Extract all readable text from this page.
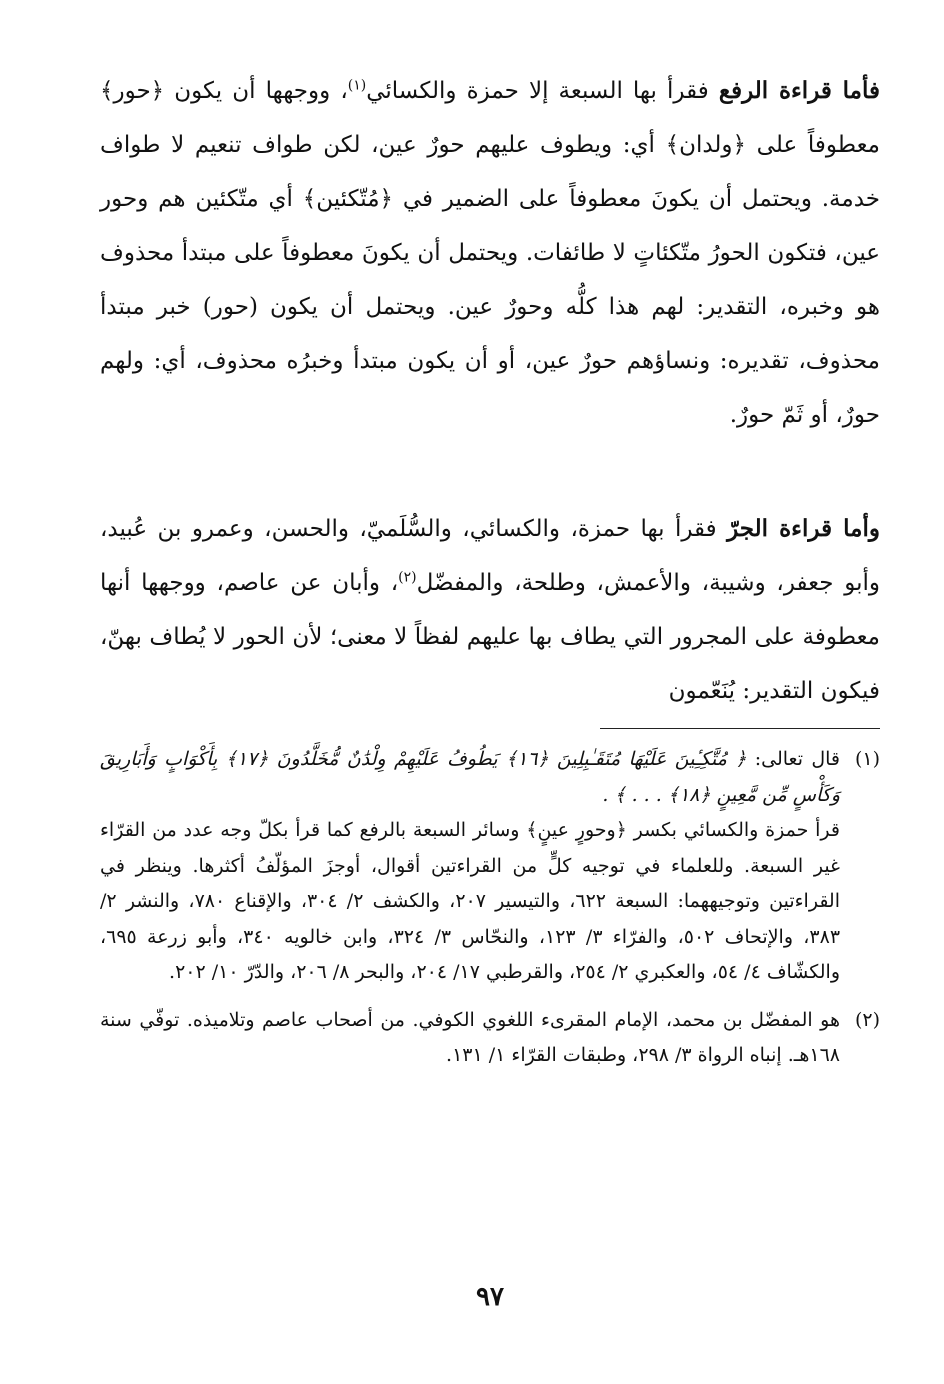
فأما قراءة الرفع فقرأ بها السبعة إلا حمزة والكسائي$^{(١)}$، ووجهها أن يكون ﴿حور﴾ معطوفاً على ﴿ولدان﴾ أي: ويطوف عليهم حورٌ عين، لكن طواف تنعيم لا طواف خدمة. ويحتمل أن يكونَ معطوفاً على الضمير في ﴿مُتّكئين﴾ أي متّكئين هم وحور عين، فتكون الحورُ متّكئاتٍ لا طائفات. ويحتمل أن يكونَ معطوفاً على مبتدأ محذوف هو وخبره، التقدير: لهم هذا كلُّه وحورٌ عين. ويحتمل أن يكون (حور) خبر مبتدأ محذوف، تقديره: ونساؤهم حورٌ عين، أو أن يكون مبتدأ وخبرُه محذوف، أي: ولهم حورٌ، أو ثَمّ حورٌ.

وأما قراءة الجرّ فقرأ بها حمزة، والكسائي، والسُّلَميّ، والحسن، وعمرو بن عُبيد، وأبو جعفر، وشيبة، والأعمش، وطلحة، والمفضّل$^{(٢)}$، وأبان عن عاصم، ووجهها أنها معطوفة على المجرور التي يطاف بها عليهم لفظاً لا معنى؛ لأن الحور لا يُطاف بهنّ، فيكون التقدير: يُنَعّمون

(١)

قال تعالى: ﴿ مُتَّكِـِٔينَ عَلَيْهَا مُتَقَـٰبِلِينَ ﴿١٦﴾ يَطُوفُ عَلَيْهِمْ وِلْدَٰنٌ مُّخَلَّدُونَ ﴿١٧﴾ بِأَكْوَابٍ وَأَبَارِيقَ وَكَأْسٍ مِّن مَّعِينٍ ﴿١٨﴾ . . . ﴾ .

قرأ حمزة والكسائي بكسر ﴿وحورٍ عينٍ﴾ وسائر السبعة بالرفع كما قرأ بكلّ وجه عدد من القرّاء غير السبعة. وللعلماء في توجيه كلٍّ من القراءتين أقوال، أوجزَ المؤلّفُ أكثرها. وينظر في القراءتين وتوجيههما: السبعة ٦٢٢، والتيسير ٢٠٧، والكشف ٢/ ٣٠٤، والإقناع ٧٨٠، والنشر ٢/ ٣٨٣، والإتحاف ٥٠٢، والفرّاء ٣/ ١٢٣، والنحّاس ٣/ ٣٢٤، وابن خالويه ٣٤٠، وأبو زرعة ٦٩٥، والكشّاف ٤/ ٥٤، والعكبري ٢/ ٢٥٤، والقرطبي ١٧/ ٢٠٤، والبحر ٨/ ٢٠٦، والدّرّ ١٠/ ٢٠٢.

(٢)

هو المفضّل بن محمد، الإمام المقرىء اللغوي الكوفي. من أصحاب عاصم وتلاميذه. توفّي سنة ١٦٨هـ. إنباه الرواة ٣/ ٢٩٨، وطبقات القرّاء ١/ ١٣١.

٩٧
